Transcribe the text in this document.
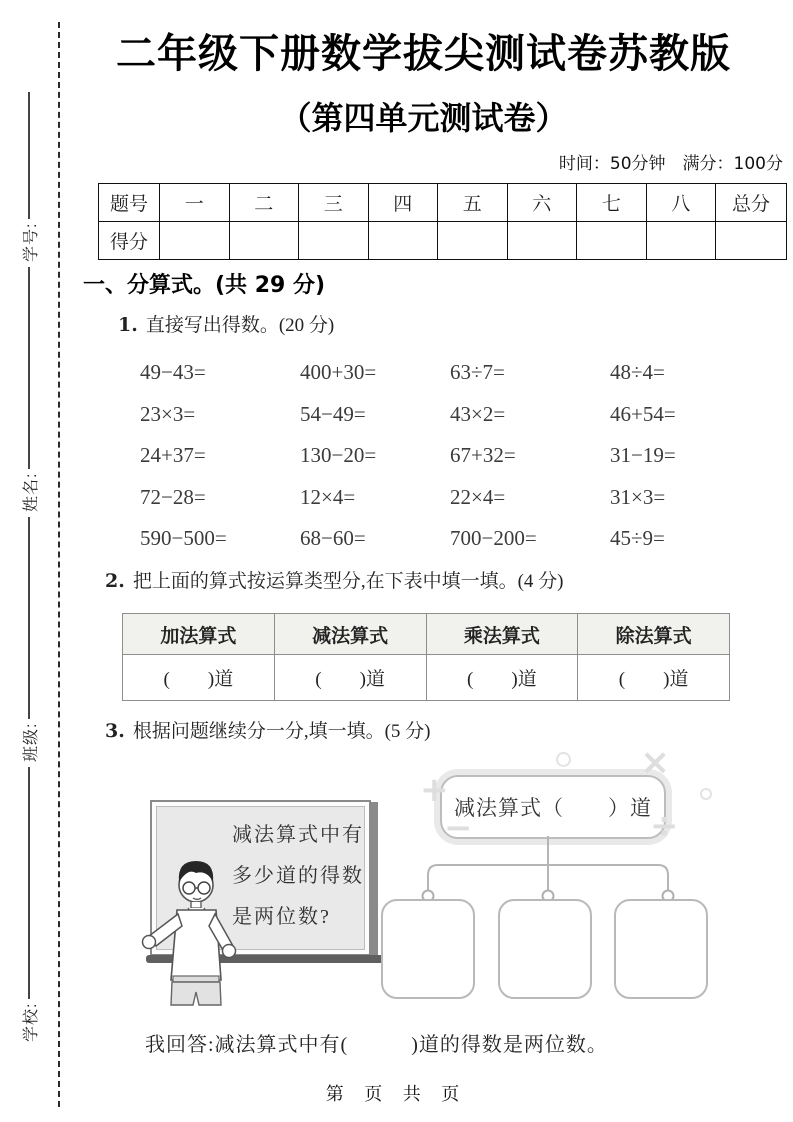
学号:
姓名:
班级:
学校:
二年级下册数学拔尖测试卷苏教版
（第四单元测试卷）
时间：50分钟　满分：100分
题号	一	二	三	四	五	六	七	八	总分
得分									
一、分算式。(共 29 分)
1. 直接写出得数。(20 分)
49−43=	400+30=	63÷7=	48÷4=
23×3=	54−49=	43×2=	46+54=
24+37=	130−20=	67+32=	31−19=
72−28=	12×4=	22×4=	31×3=
590−500=	68−60=	700−200=	45÷9=
2. 把上面的算式按运算类型分,在下表中填一填。(4 分)
加法算式	减法算式	乘法算式	除法算式
(　　)道	(　　)道	(　　)道	(　　)道
3. 根据问题继续分一分,填一填。(5 分)
减法算式中有
多少道的得数
是两位数?
减法算式（　　）道
+
−
×
÷
我回答:减法算式中有(　　　)道的得数是两位数。
第 页 共 页
